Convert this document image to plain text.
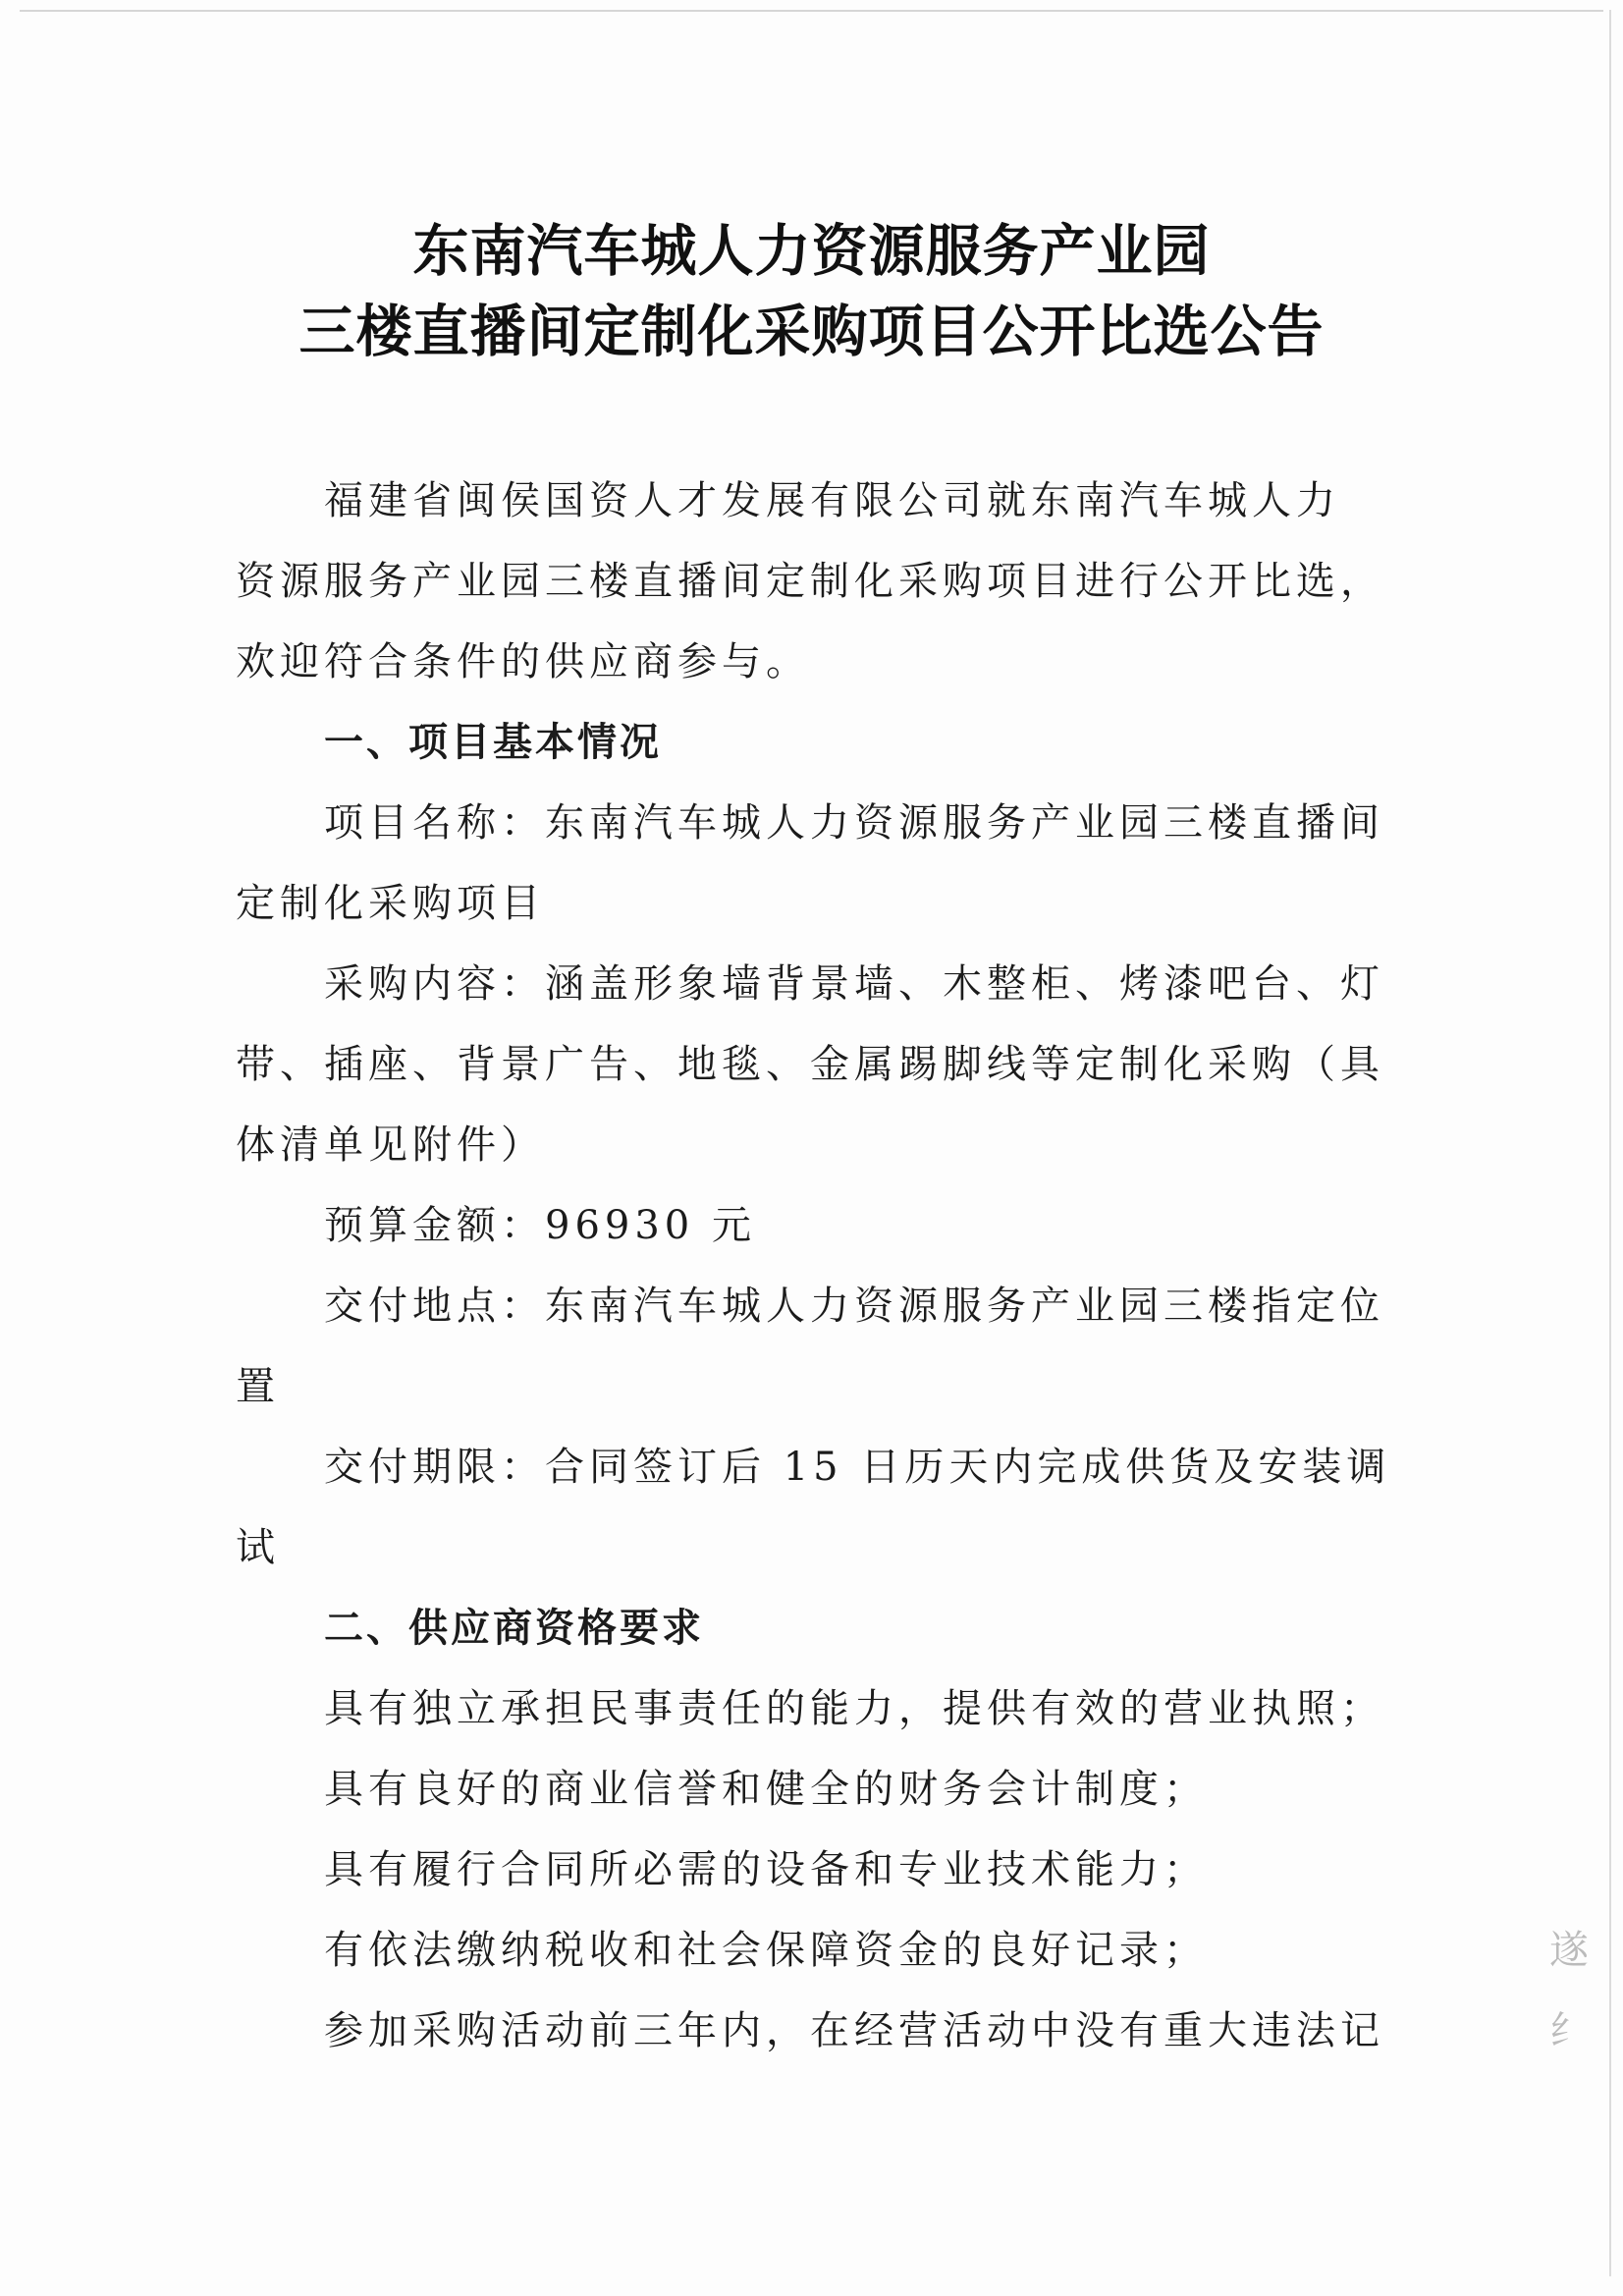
东南汽车城人力资源服务产业园
三楼直播间定制化采购项目公开比选公告
福建省闽侯国资人才发展有限公司就东南汽车城人力
资源服务产业园三楼直播间定制化采购项目进行公开比选，
欢迎符合条件的供应商参与。
一、项目基本情况
项目名称：东南汽车城人力资源服务产业园三楼直播间
定制化采购项目
采购内容：涵盖形象墙背景墙、木整柜、烤漆吧台、灯
带、插座、背景广告、地毯、金属踢脚线等定制化采购（具
体清单见附件）
预算金额：96930 元
交付地点：东南汽车城人力资源服务产业园三楼指定位
置
交付期限：合同签订后 15 日历天内完成供货及安装调
试
二、供应商资格要求
具有独立承担民事责任的能力，提供有效的营业执照；
具有良好的商业信誉和健全的财务会计制度；
具有履行合同所必需的设备和专业技术能力；
有依法缴纳税收和社会保障资金的良好记录；
参加采购活动前三年内，在经营活动中没有重大违法记
遂
纟
